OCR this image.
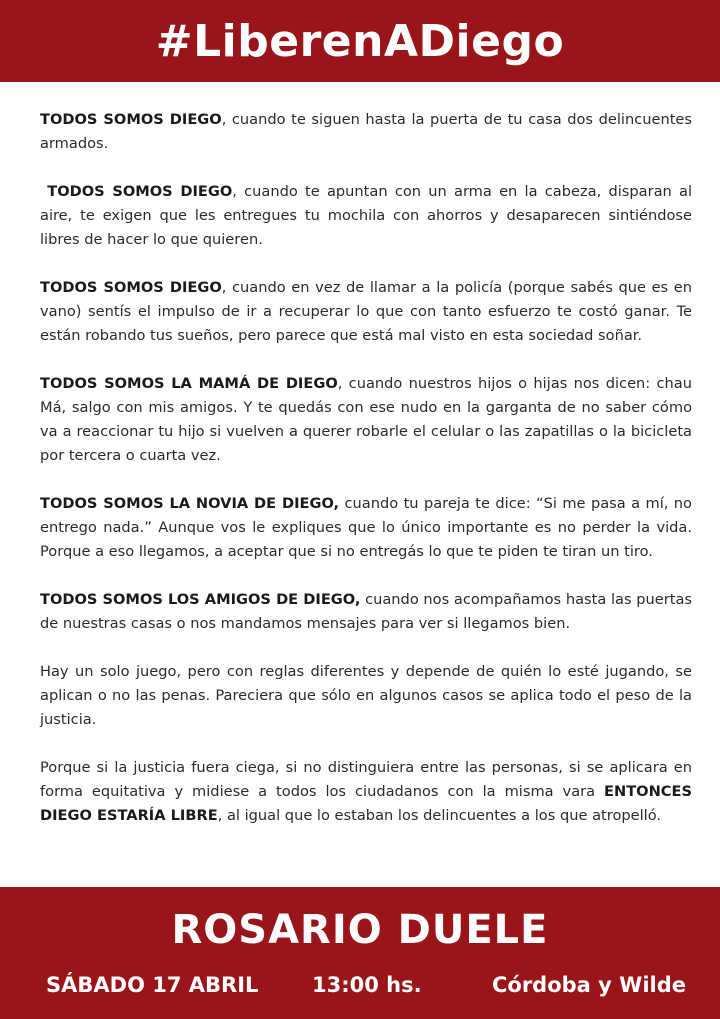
#LiberenADiego

TODOS SOMOS DIEGO, cuando te siguen hasta la puerta de tu casa dos delincuentes armados.

TODOS SOMOS DIEGO, cuando te apuntan con un arma en la cabeza, disparan al aire, te exigen que les entregues tu mochila con ahorros y desaparecen sintiéndose libres de hacer lo que quieren.

TODOS SOMOS DIEGO, cuando en vez de llamar a la policía (porque sabés que es en vano) sentís el impulso de ir a recuperar lo que con tanto esfuerzo te costó ganar. Te están robando tus sueños, pero parece que está mal visto en esta sociedad soñar.

TODOS SOMOS LA MAMÁ DE DIEGO, cuando nuestros hijos o hijas nos dicen: chau Má, salgo con mis amigos. Y te quedás con ese nudo en la garganta de no saber cómo va a reaccionar tu hijo si vuelven a querer robarle el celular o las zapatillas o la bicicleta por tercera o cuarta vez.

TODOS SOMOS LA NOVIA DE DIEGO, cuando tu pareja te dice: “Si me pasa a mí, no entrego nada.” Aunque vos le expliques que lo único importante es no perder la vida. Porque a eso llegamos, a aceptar que si no entregás lo que te piden te tiran un tiro.

TODOS SOMOS LOS AMIGOS DE DIEGO, cuando nos acompañamos hasta las puertas de nuestras casas o nos mandamos mensajes para ver si llegamos bien.

Hay un solo juego, pero con reglas diferentes y depende de quién lo esté jugando, se aplican o no las penas. Pareciera que sólo en algunos casos se aplica todo el peso de la justicia.

Porque si la justicia fuera ciega, si no distinguiera entre las personas, si se aplicara en forma equitativa y midiese a todos los ciudadanos con la misma vara ENTONCES DIEGO ESTARÍA LIBRE, al igual que lo estaban los delincuentes a los que atropelló.

ROSARIO DUELE
SÁBADO 17 ABRIL	13:00 hs.	Córdoba y Wilde
